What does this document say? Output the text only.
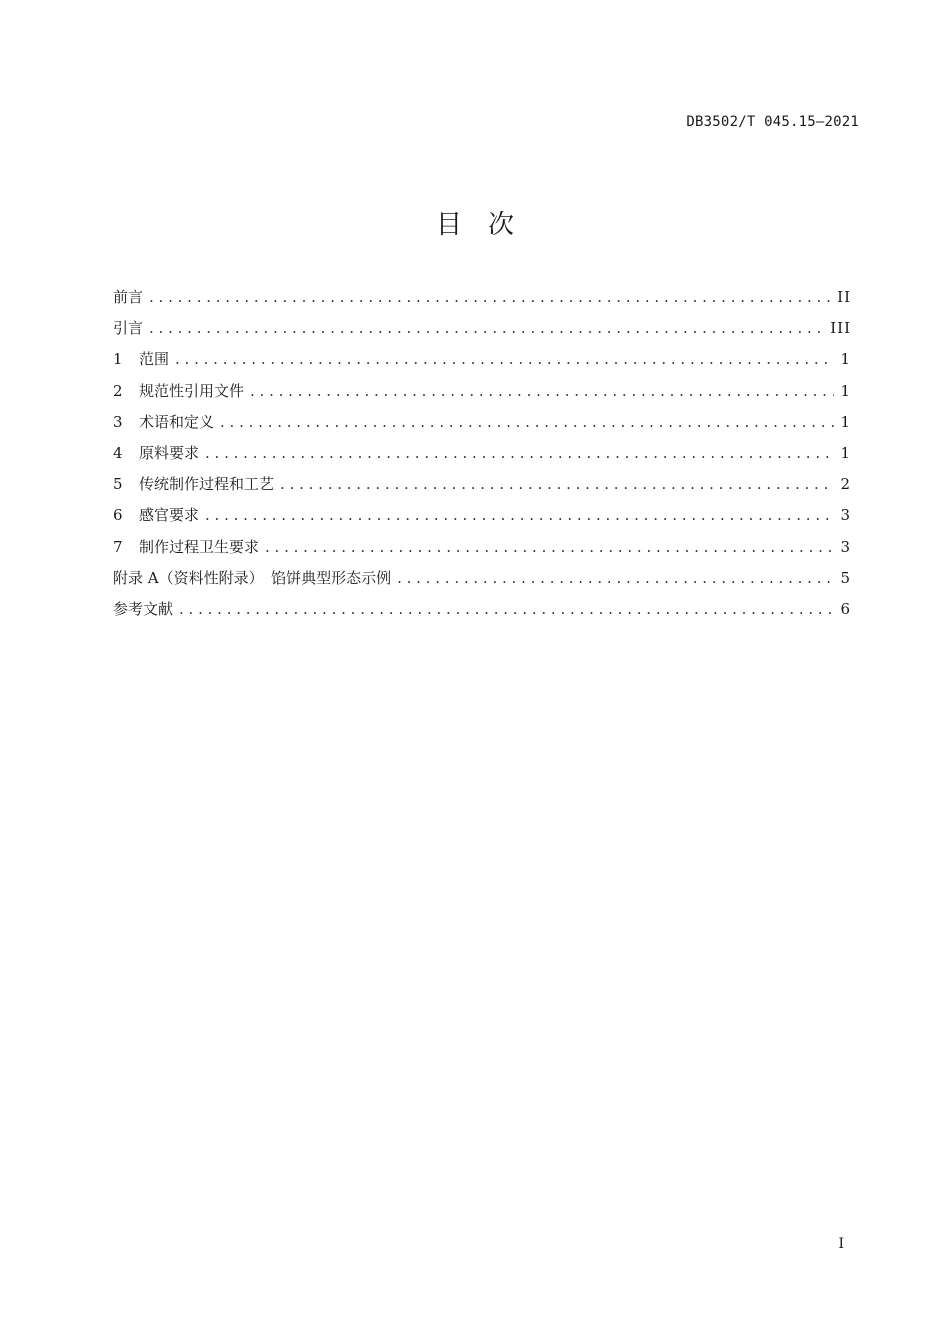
DB3502/T 045.15—2021
目次
前言 . . .	II
引言 . . .	III
1	范围 . . .	1
2	规范性引用文件 . . .	1
3	术语和定义 . . .	1
4	原料要求 . . .	1
5	传统制作过程和工艺 . . .	2
6	感官要求 . . .	3
7	制作过程卫生要求 . . .	3
附录 A（资料性附录）　馅饼典型形态示例 . . .	5
参考文献 . . .	6
I
